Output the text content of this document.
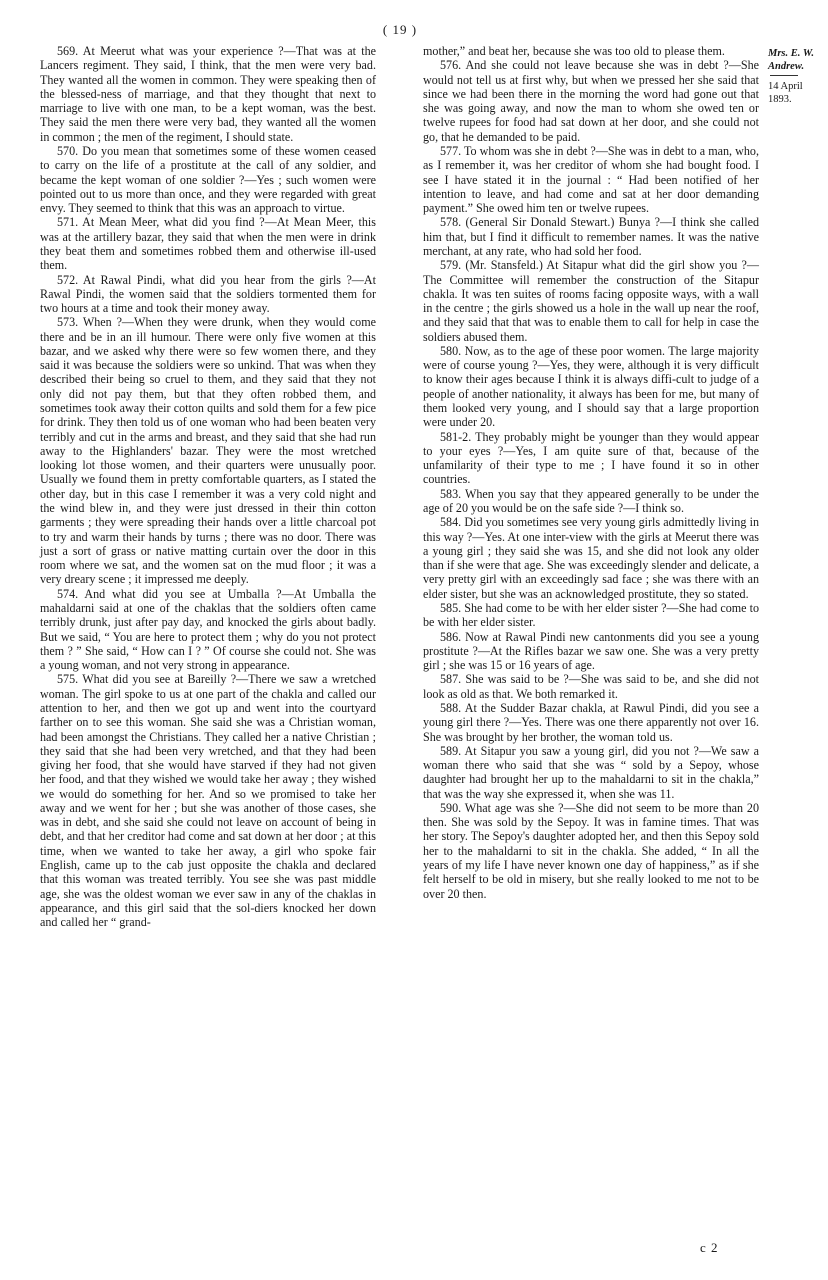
( 19 )
Mrs. E. W. Andrew.
14 April 1893.

569. At Meerut what was your experience ?—That was at the Lancers regiment. They said, I think, that the men were very bad. They wanted all the women in common. They were speaking then of the blessed-ness of marriage, and that they thought that next to marriage to live with one man, to be a kept woman, was the best. They said the men there were very bad, they wanted all the women in common ; the men of the regiment, I should state.

570. Do you mean that sometimes some of these women ceased to carry on the life of a prostitute at the call of any soldier, and became the kept woman of one soldier ?—Yes ; such women were pointed out to us more than once, and they were regarded with great envy. They seemed to think that this was an approach to virtue.

571. At Mean Meer, what did you find ?—At Mean Meer, this was at the artillery bazar, they said that when the men were in drink they beat them and sometimes robbed them and otherwise ill-used them.

572. At Rawal Pindi, what did you hear from the girls ?—At Rawal Pindi, the women said that the soldiers tormented them for two hours at a time and took their money away.

573. When ?—When they were drunk, when they would come there and be in an ill humour. There were only five women at this bazar, and we asked why there were so few women there, and they said it was because the soldiers were so unkind. That was when they described their being so cruel to them, and they said that they not only did not pay them, but that they often robbed them, and sometimes took away their cotton quilts and sold them for a few pice for drink. They then told us of one woman who had been beaten very terribly and cut in the arms and breast, and they said that she had run away to the Highlanders' bazar. They were the most wretched looking lot those women, and their quarters were unusually poor. Usually we found them in pretty comfortable quarters, as I stated the other day, but in this case I remember it was a very cold night and the wind blew in, and they were just dressed in their thin cotton garments ; they were spreading their hands over a little charcoal pot to try and warm their hands by turns ; there was no door. There was just a sort of grass or native matting curtain over the door in this room where we sat, and the women sat on the mud floor ; it was a very dreary scene ; it impressed me deeply.

574. And what did you see at Umballa ?—At Umballa the mahaldarni said at one of the chaklas that the soldiers often came terribly drunk, just after pay day, and knocked the girls about badly. But we said, “ You are here to protect them ; why do you not protect them ? ” She said, “ How can I ? ” Of course she could not. She was a young woman, and not very strong in appearance.

575. What did you see at Bareilly ?—There we saw a wretched woman. The girl spoke to us at one part of the chakla and called our attention to her, and then we got up and went into the courtyard farther on to see this woman. She said she was a Christian woman, had been amongst the Christians. They called her a native Christian ; they said that she had been very wretched, and that they had been giving her food, that she would have starved if they had not given her food, and that they wished we would take her away ; they wished we would do something for her. And so we promised to take her away and we went for her ; but she was another of those cases, she was in debt, and she said she could not leave on account of being in debt, and that her creditor had come and sat down at her door ; at this time, when we wanted to take her away, a girl who spoke fair English, came up to the cab just opposite the chakla and declared that this woman was treated terribly. You see she was past middle age, she was the oldest woman we ever saw in any of the chaklas in appearance, and this girl said that the sol-diers knocked her down and called her “ grand-

mother,” and beat her, because she was too old to please them.

576. And she could not leave because she was in debt ?—She would not tell us at first why, but when we pressed her she said that since we had been there in the morning the word had gone out that she was going away, and now the man to whom she owed ten or twelve rupees for food had sat down at her door, and she could not go, that he demanded to be paid.

577. To whom was she in debt ?—She was in debt to a man, who, as I remember it, was her creditor of whom she had bought food. I see I have stated it in the journal : “ Had been notified of her intention to leave, and had come and sat at her door demanding payment.” She owed him ten or twelve rupees.

578. (General Sir Donald Stewart.) Bunya ?—I think she called him that, but I find it difficult to remember names. It was the native merchant, at any rate, who had sold her food.

579. (Mr. Stansfeld.) At Sitapur what did the girl show you ?—The Committee will remember the construction of the Sitapur chakla. It was ten suites of rooms facing opposite ways, with a wall in the centre ; the girls showed us a hole in the wall up near the roof, and they said that that was to enable them to call for help in case the soldiers abused them.

580. Now, as to the age of these poor women. The large majority were of course young ?—Yes, they were, although it is very difficult to know their ages because I think it is always diffi-cult to judge of a people of another nationality, it always has been for me, but many of them looked very young, and I should say that a large proportion were under 20.

581-2. They probably might be younger than they would appear to your eyes ?—Yes, I am quite sure of that, because of the unfamilarity of their type to me ; I have found it so in other countries.

583. When you say that they appeared generally to be under the age of 20 you would be on the safe side ?—I think so.

584. Did you sometimes see very young girls admittedly living in this way ?—Yes. At one inter-view with the girls at Meerut there was a young girl ; they said she was 15, and she did not look any older than if she were that age. She was exceedingly slender and delicate, a very pretty girl with an exceedingly sad face ; she was there with an elder sister, but she was an acknowledged prostitute, they so stated.

585. She had come to be with her elder sister ?—She had come to be with her elder sister.

586. Now at Rawal Pindi new cantonments did you see a young prostitute ?—At the Rifles bazar we saw one. She was a very pretty girl ; she was 15 or 16 years of age.

587. She was said to be ?—She was said to be, and she did not look as old as that. We both remarked it.

588. At the Sudder Bazar chakla, at Rawul Pindi, did you see a young girl there ?—Yes. There was one there apparently not over 16. She was brought by her brother, the woman told us.

589. At Sitapur you saw a young girl, did you not ?—We saw a woman there who said that she was “ sold by a Sepoy, whose daughter had brought her up to the mahaldarni to sit in the chakla,” that was the way she expressed it, when she was 11.

590. What age was she ?—She did not seem to be more than 20 then. She was sold by the Sepoy. It was in famine times. That was her story. The Sepoy's daughter adopted her, and then this Sepoy sold her to the mahaldarni to sit in the chakla. She added, “ In all the years of my life I have never known one day of happiness,” as if she felt herself to be old in misery, but she really looked to me not to be over 20 then.

c 2
